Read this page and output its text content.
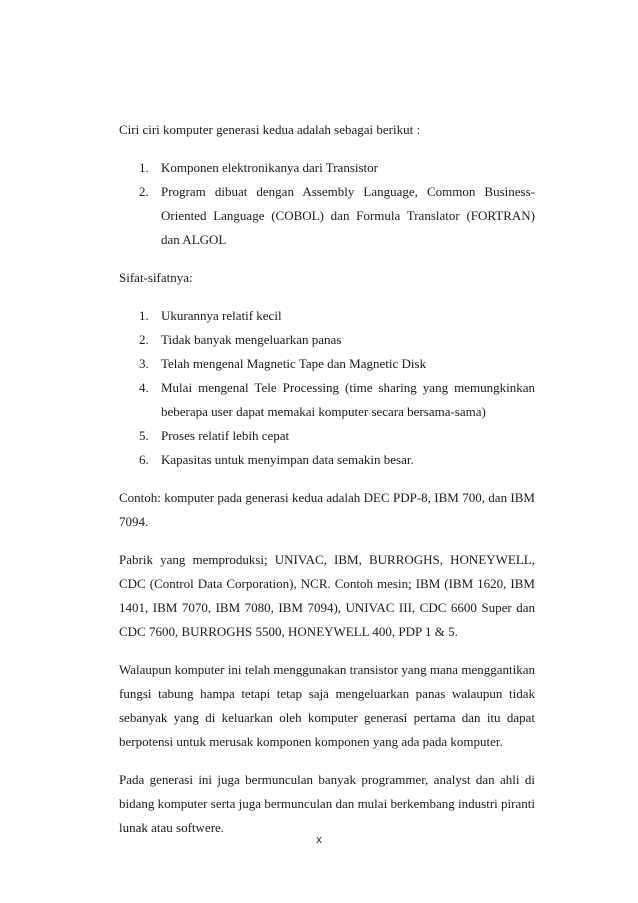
Ciri ciri komputer generasi kedua adalah sebagai berikut :

1. Komponen elektronikanya dari Transistor
2. Program dibuat dengan Assembly Language, Common Business-Oriented Language (COBOL) dan Formula Translator (FORTRAN) dan ALGOL

Sifat-sifatnya:

1. Ukurannya relatif kecil
2. Tidak banyak mengeluarkan panas
3. Telah mengenal Magnetic Tape dan Magnetic Disk
4. Mulai mengenal Tele Processing (time sharing yang memungkinkan beberapa user dapat memakai komputer secara bersama-sama)
5. Proses relatif lebih cepat
6. Kapasitas untuk menyimpan data semakin besar.

Contoh: komputer pada generasi kedua adalah DEC PDP-8, IBM 700, dan IBM 7094.

Pabrik yang memproduksi; UNIVAC, IBM, BURROGHS, HONEYWELL, CDC (Control Data Corporation), NCR. Contoh mesin; IBM (IBM 1620, IBM 1401, IBM 7070, IBM 7080, IBM 7094), UNIVAC III, CDC 6600 Super dan CDC 7600, BURROGHS 5500, HONEYWELL 400, PDP 1 & 5.

Walaupun komputer ini telah menggunakan transistor yang mana menggantikan fungsi tabung hampa tetapi tetap saja mengeluarkan panas walaupun tidak sebanyak yang di keluarkan oleh komputer generasi pertama dan itu dapat berpotensi untuk merusak komponen komponen yang ada pada komputer.

Pada generasi ini juga bermunculan banyak programmer, analyst dan ahli di bidang komputer serta juga bermunculan dan mulai berkembang industri piranti lunak atau softwere.

x
